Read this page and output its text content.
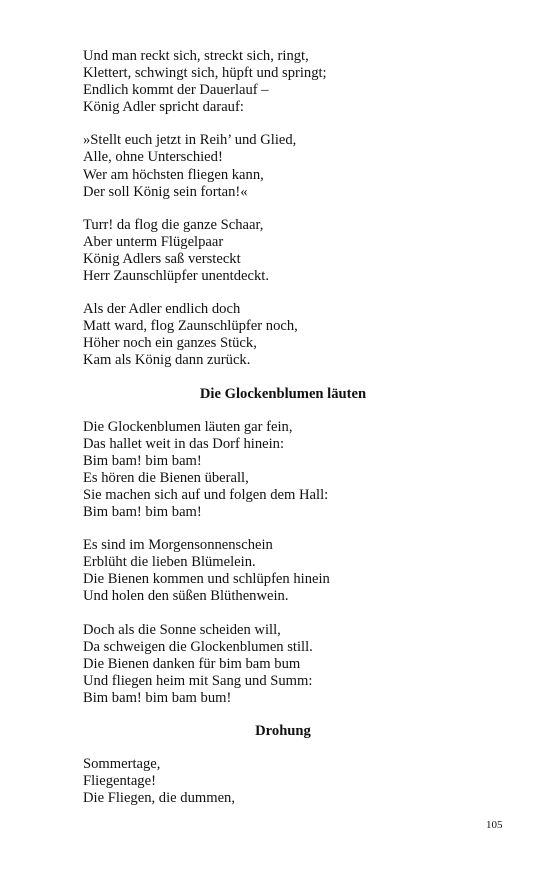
Und man reckt sich, streckt sich, ringt,
Klettert, schwingt sich, hüpft und springt;
Endlich kommt der Dauerlauf –
König Adler spricht darauf:
»Stellt euch jetzt in Reih’ und Glied,
Alle, ohne Unterschied!
Wer am höchsten fliegen kann,
Der soll König sein fortan!«
Turr! da flog die ganze Schaar,
Aber unterm Flügelpaar
König Adlers saß versteckt
Herr Zaunschlüpfer unentdeckt.
Als der Adler endlich doch
Matt ward, flog Zaunschlüpfer noch,
Höher noch ein ganzes Stück,
Kam als König dann zurück.
Die Glockenblumen läuten
Die Glockenblumen läuten gar fein,
Das hallet weit in das Dorf hinein:
Bim bam! bim bam!
Es hören die Bienen überall,
Sie machen sich auf und folgen dem Hall:
Bim bam! bim bam!
Es sind im Morgensonnenschein
Erblüht die lieben Blümelein.
Die Bienen kommen und schlüpfen hinein
Und holen den süßen Blüthenwein.
Doch als die Sonne scheiden will,
Da schweigen die Glockenblumen still.
Die Bienen danken für bim bam bum
Und fliegen heim mit Sang und Summ:
Bim bam! bim bam bum!
Drohung
Sommertage,
Fliegentage!
Die Fliegen, die dummen,
105
